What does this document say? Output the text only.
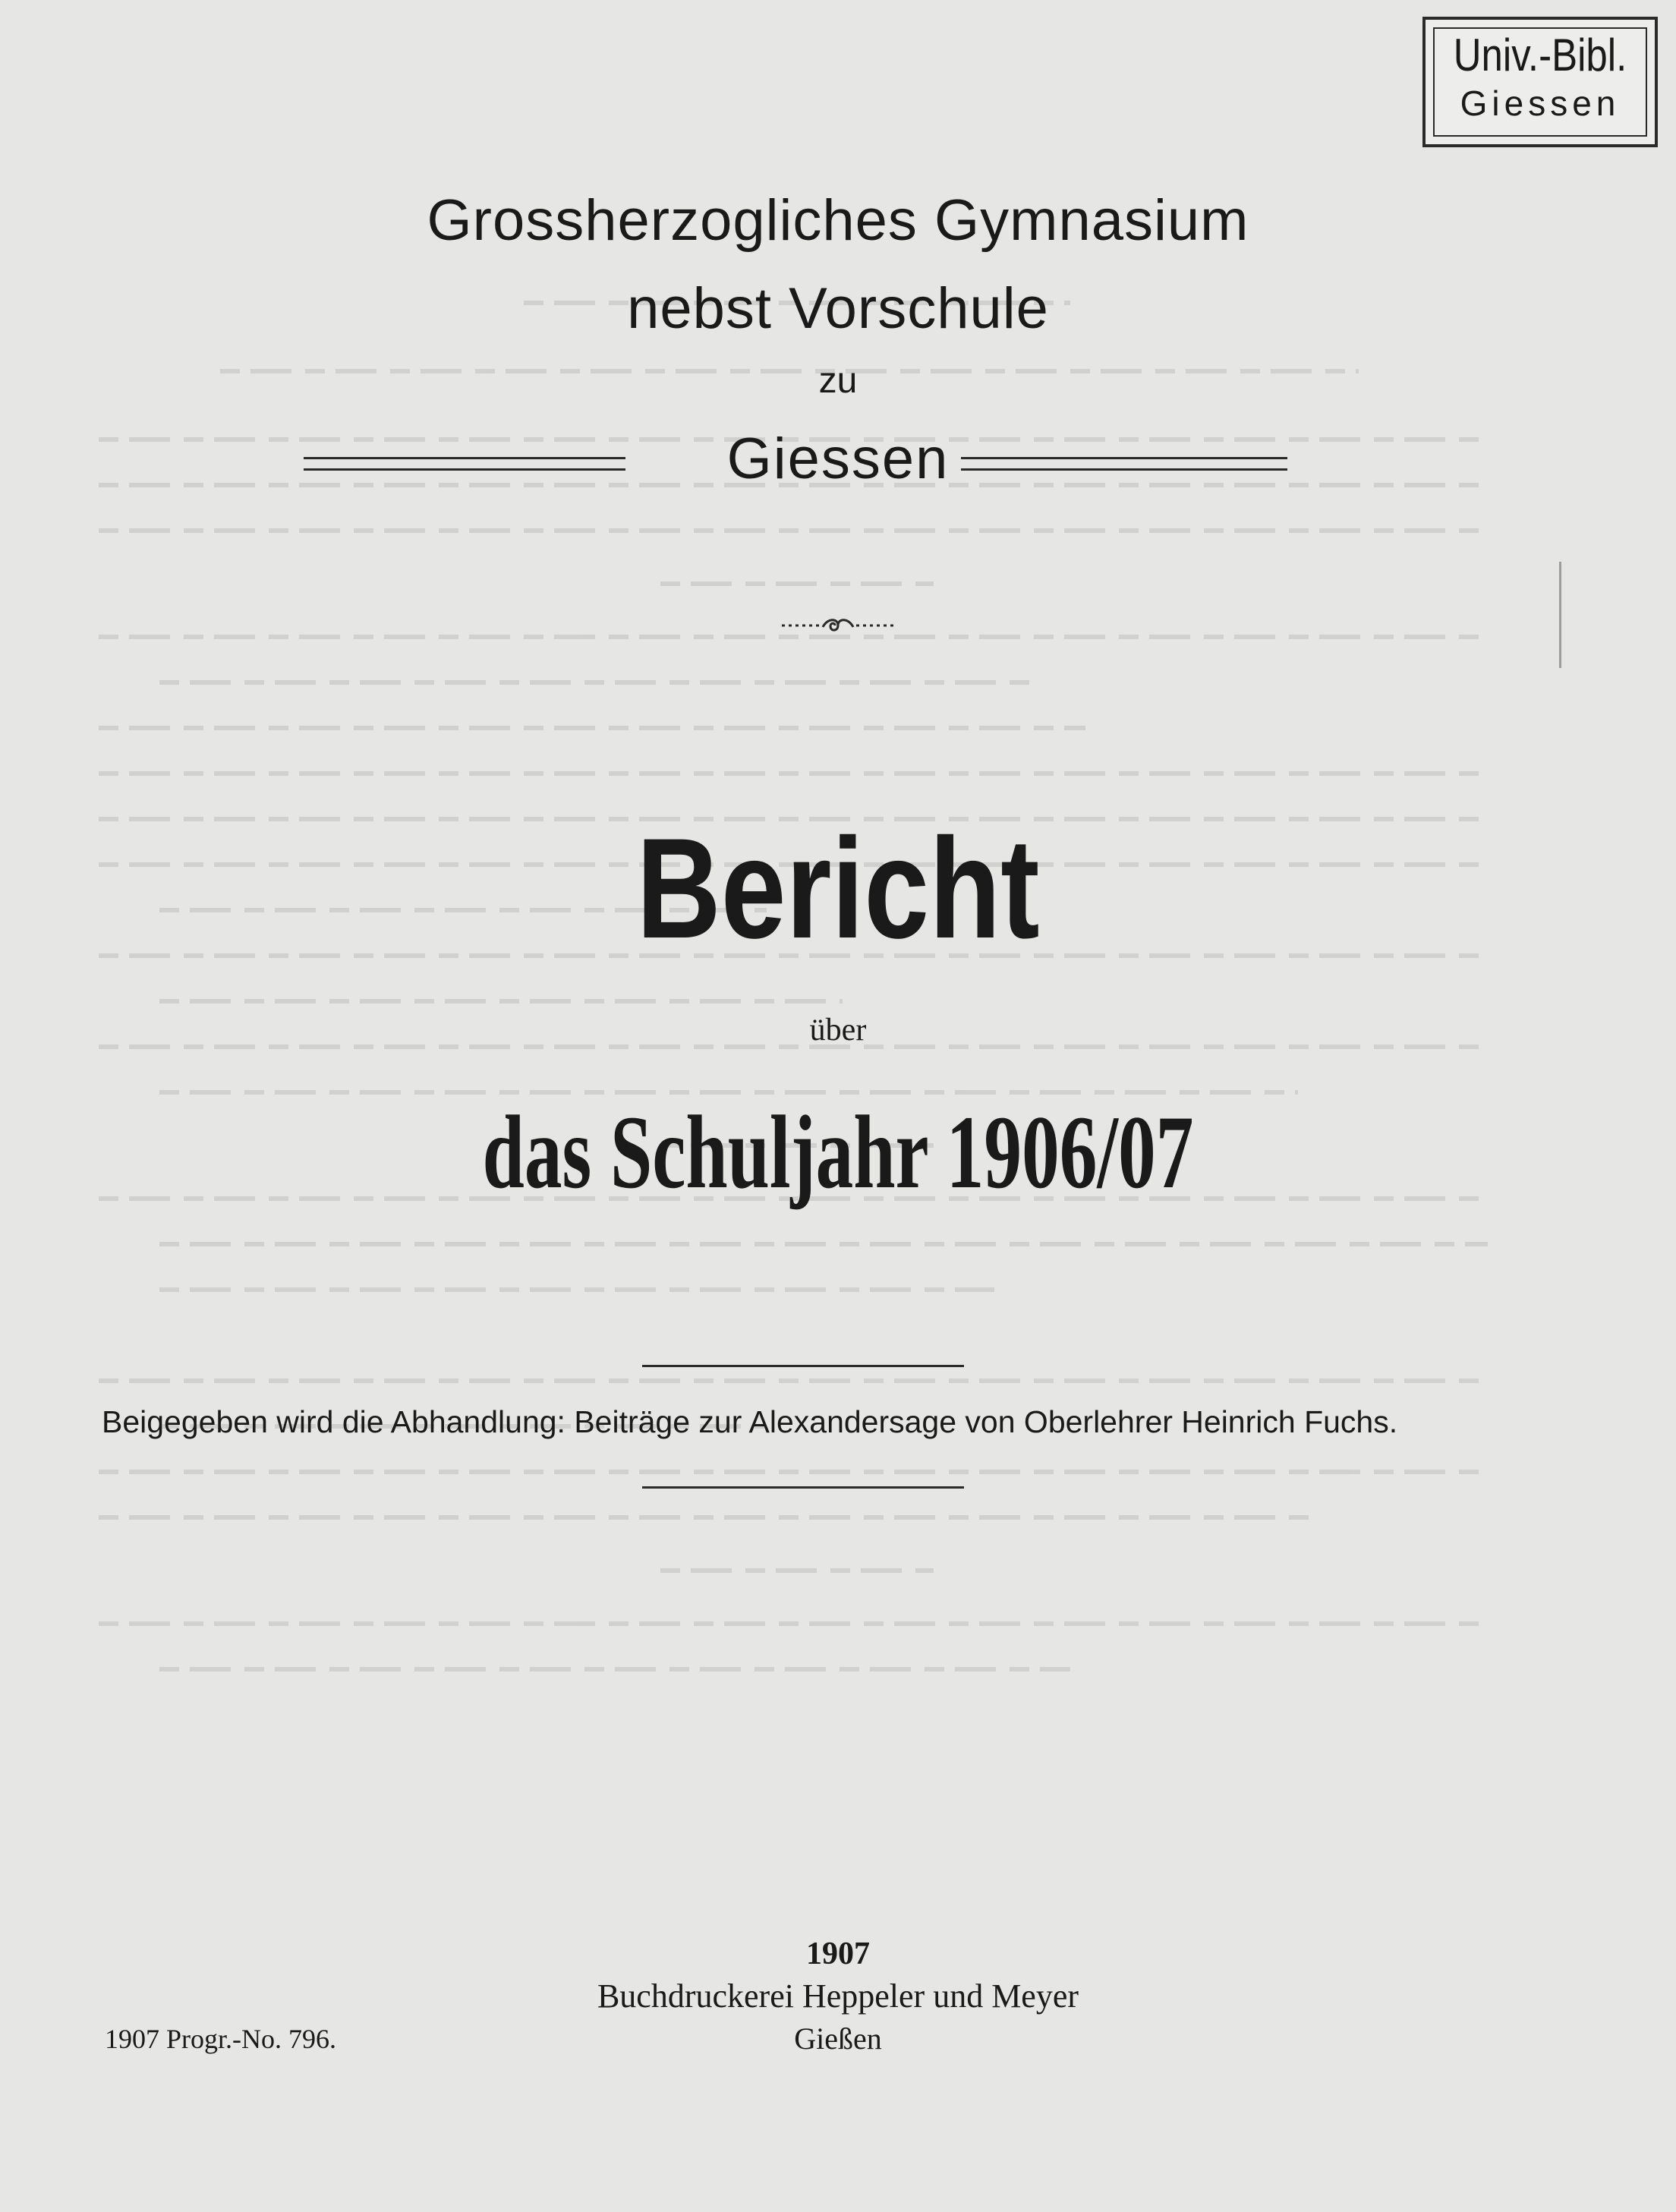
Univ.-Bibl.
Giessen
Grossherzogliches Gymnasium
nebst Vorschule
zu
Giessen
Bericht
über
das Schuljahr 1906/07
Beigegeben wird die Abhandlung: Beiträge zur Alexandersage von Oberlehrer Heinrich Fuchs.
1907
Buchdruckerei Heppeler und Meyer
Gießen
1907 Progr.-No. 796.
